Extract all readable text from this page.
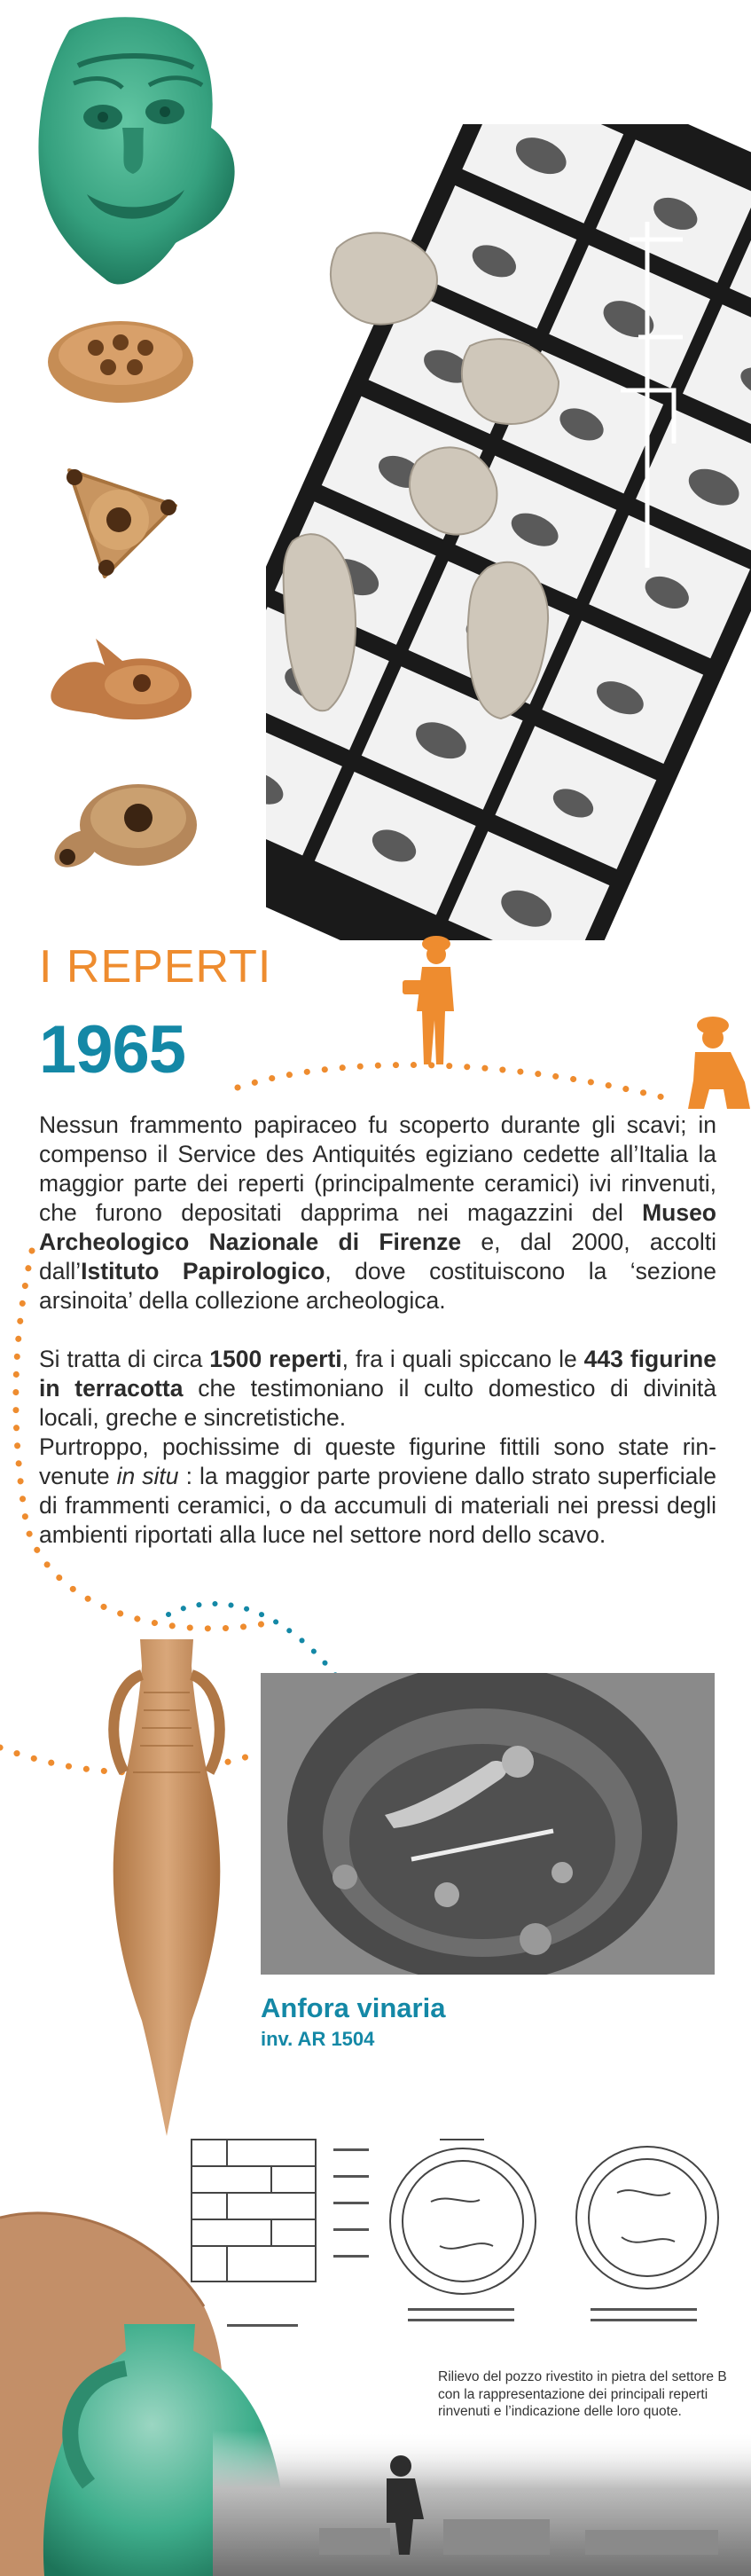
I REPERTI
1965

Nessun frammento papiraceo fu scoperto durante gli scavi; in compenso il Service des Antiquités egiziano cedette all’Italia la maggior parte dei reperti (principalmente ceramici) ivi rinvenuti, che furono depositati dapprima nei magazzini del Museo Archeologico Nazionale di Firenze e, dal 2000, accolti dall’Istituto Papirologico, dove costituiscono la ‘sezione arsinoita’ della collezione archeologica.

Si tratta di circa 1500 reperti, fra i quali spiccano le 443 figurine in terracotta che testimoniano il culto domestico di divinità locali, greche e sincretistiche.
Purtroppo, pochissime di queste figurine fittili sono state rinvenute in situ : la maggior parte proviene dallo strato superficiale di frammenti ceramici, o da accumuli di materiali nei pressi degli ambienti riportati alla luce nel settore nord dello scavo.

Anfora vinaria
inv. AR 1504
Rilievo del pozzo rivestito in pietra del settore B con la rappresentazione dei principali reperti rinvenuti e l’indicazione delle loro quote.
